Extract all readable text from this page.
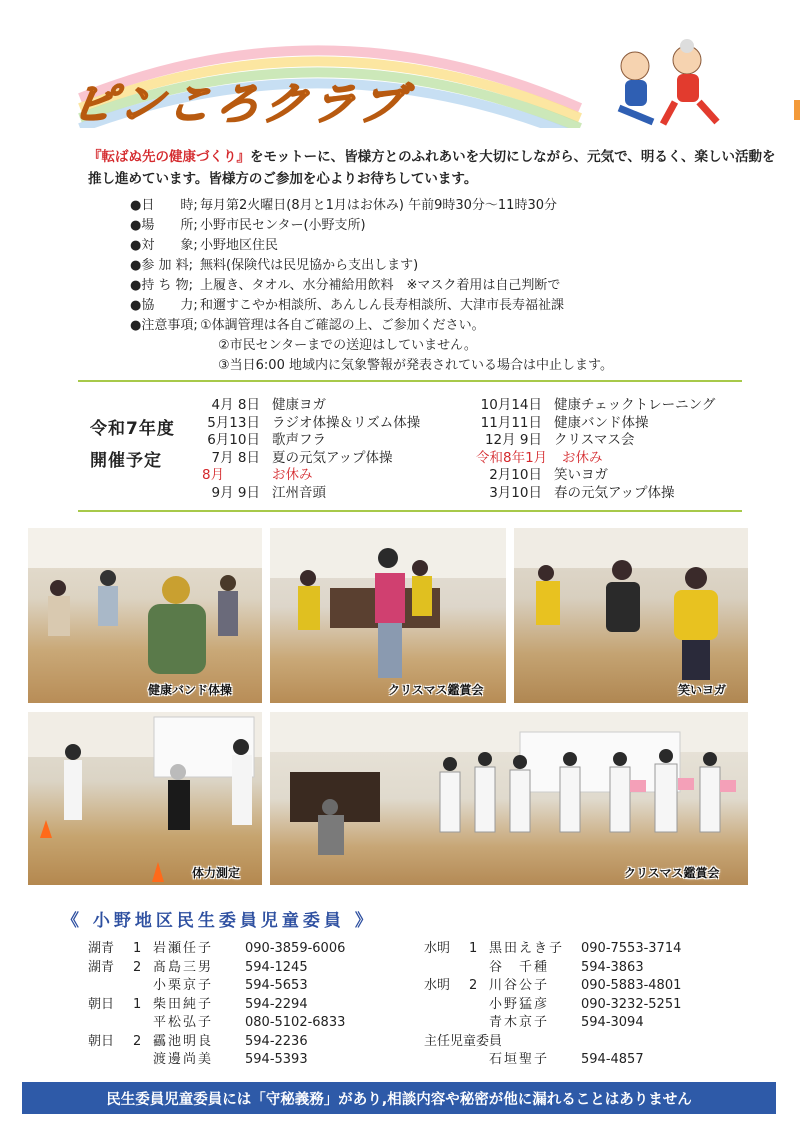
ピンころクラブ
『転ばぬ先の健康づくり』をモットーに、皆様方とのふれあいを大切にしながら、元気で、明るく、楽しい活動を推し進めています。皆様方のご参加を心よりお待ちしています。
●日　　時; 毎月第2火曜日(8月と1月はお休み) 午前9時30分～11時30分
●場　　所; 小野市民センター(小野支所)
●対　　象; 小野地区住民
●参 加 料; 無料(保険代は民児協から支出します)
●持 ち 物; 上履き、タオル、水分補給用飲料　※マスク着用は自己判断で
●協　　力; 和邇すこやか相談所、あんしん長寿相談所、大津市長寿福祉課
●注意事項; ①体調管理は各自ご確認の上、ご参加ください。
②市民センターまでの送迎はしていません。
③当日6:00 地域内に気象警報が発表されている場合は中止します。
令和7年度
開催予定
4月 8日 健康ヨガ
5月13日 ラジオ体操＆リズム体操
6月10日 歌声フラ
7月 8日 夏の元気アップ体操
8月	お休み
9月 9日 江州音頭
10月14日 健康チェックトレーニング
11月11日 健康バンド体操
12月 9日 クリスマス会
令和8年1月	お休み
2月10日 笑いヨガ
3月10日 春の元気アップ体操
健康バンド体操	クリスマス鑑賞会	笑いヨガ
体力測定	クリスマス鑑賞会
《 小野地区民生委員児童委員 》
湖青	1 岩瀬任子	090-3859-6006
湖青	2 髙島三男	594-1245
小栗京子	594-5653
朝日	1 柴田純子	594-2294
平松弘子	080-5102-6833
朝日	2 靏池明良	594-2236
渡邊尚美	594-5393
水明	1 黒田えき子	090-7553-3714
谷　千種	594-3863
水明	2 川谷公子	090-5883-4801
小野猛彦	090-3232-5251
青木京子	594-3094
主任児童委員
石垣聖子	594-4857
民生委員児童委員には「守秘義務」があり,相談内容や秘密が他に漏れることはありません
